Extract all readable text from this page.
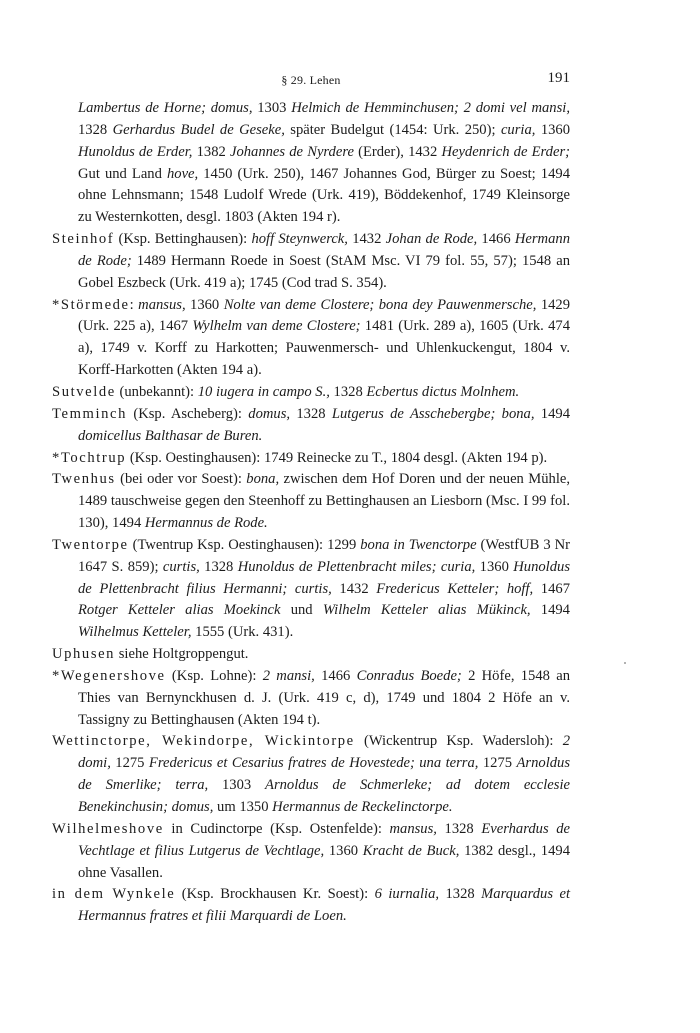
§ 29. Lehen	191

Lambertus de Horne; domus, 1303 Helmich de Hemminchusen; 2 domi vel mansi, 1328 Gerhardus Budel de Geseke, später Budelgut (1454: Urk. 250); curia, 1360 Hunoldus de Erder, 1382 Johannes de Nyrdere (Erder), 1432 Heydenrich de Erder; Gut und Land hove, 1450 (Urk. 250), 1467 Johannes God, Bürger zu Soest; 1494 ohne Lehnsmann; 1548 Ludolf Wrede (Urk. 419), Böddekenhof, 1749 Kleinsorge zu Westernkotten, desgl. 1803 (Akten 194 r).

Steinhof (Ksp. Bettinghausen): hoff Steynwerck, 1432 Johan de Rode, 1466 Hermann de Rode; 1489 Hermann Roede in Soest (StAM Msc. VI 79 fol. 55, 57); 1548 an Gobel Eszbeck (Urk. 419 a); 1745 (Cod trad S. 354).

*Störmede: mansus, 1360 Nolte van deme Clostere; bona dey Pauwenmersche, 1429 (Urk. 225 a), 1467 Wylhelm van deme Clostere; 1481 (Urk. 289 a), 1605 (Urk. 474 a), 1749 v. Korff zu Harkotten; Pauwenmersch- und Uhlenkuckengut, 1804 v. Korff-Harkotten (Akten 194 a).

Sutvelde (unbekannt): 10 iugera in campo S., 1328 Ecbertus dictus Molnhem.

Temminch (Ksp. Ascheberg): domus, 1328 Lutgerus de Asschebergbe; bona, 1494 domicellus Balthasar de Buren.

*Tochtrup (Ksp. Oestinghausen): 1749 Reinecke zu T., 1804 desgl. (Akten 194 p).

Twenhus (bei oder vor Soest): bona, zwischen dem Hof Doren und der neuen Mühle, 1489 tauschweise gegen den Steenhoff zu Bettinghausen an Liesborn (Msc. I 99 fol. 130), 1494 Hermannus de Rode.

Twentorpe (Twentrup Ksp. Oestinghausen): 1299 bona in Twenctorpe (WestfUB 3 Nr 1647 S. 859); curtis, 1328 Hunoldus de Plettenbracht miles; curia, 1360 Hunoldus de Plettenbracht filius Hermanni; curtis, 1432 Fredericus Ketteler; hoff, 1467 Rotger Ketteler alias Moekinck und Wilhelm Ketteler alias Mükinck, 1494 Wilhelmus Ketteler, 1555 (Urk. 431).

Uphusen siehe Holtgroppengut.

*Wegenershove (Ksp. Lohne): 2 mansi, 1466 Conradus Boede; 2 Höfe, 1548 an Thies van Bernynckhusen d. J. (Urk. 419 c, d), 1749 und 1804 2 Höfe an v. Tassigny zu Bettinghausen (Akten 194 t).

Wettinctorpe, Wekindorpe, Wickintorpe (Wickentrup Ksp. Wadersloh): 2 domi, 1275 Fredericus et Cesarius fratres de Hovestede; una terra, 1275 Arnoldus de Smerlike; terra, 1303 Arnoldus de Schmerleke; ad dotem ecclesie Benekinchusin; domus, um 1350 Hermannus de Reckelinctorpe.

Wilhelmeshove in Cudinctorpe (Ksp. Ostenfelde): mansus, 1328 Everhardus de Vechtlage et filius Lutgerus de Vechtlage, 1360 Kracht de Buck, 1382 desgl., 1494 ohne Vasallen.

in dem Wynkele (Ksp. Brockhausen Kr. Soest): 6 iurnalia, 1328 Marquardus et Hermannus fratres et filii Marquardi de Loen.
